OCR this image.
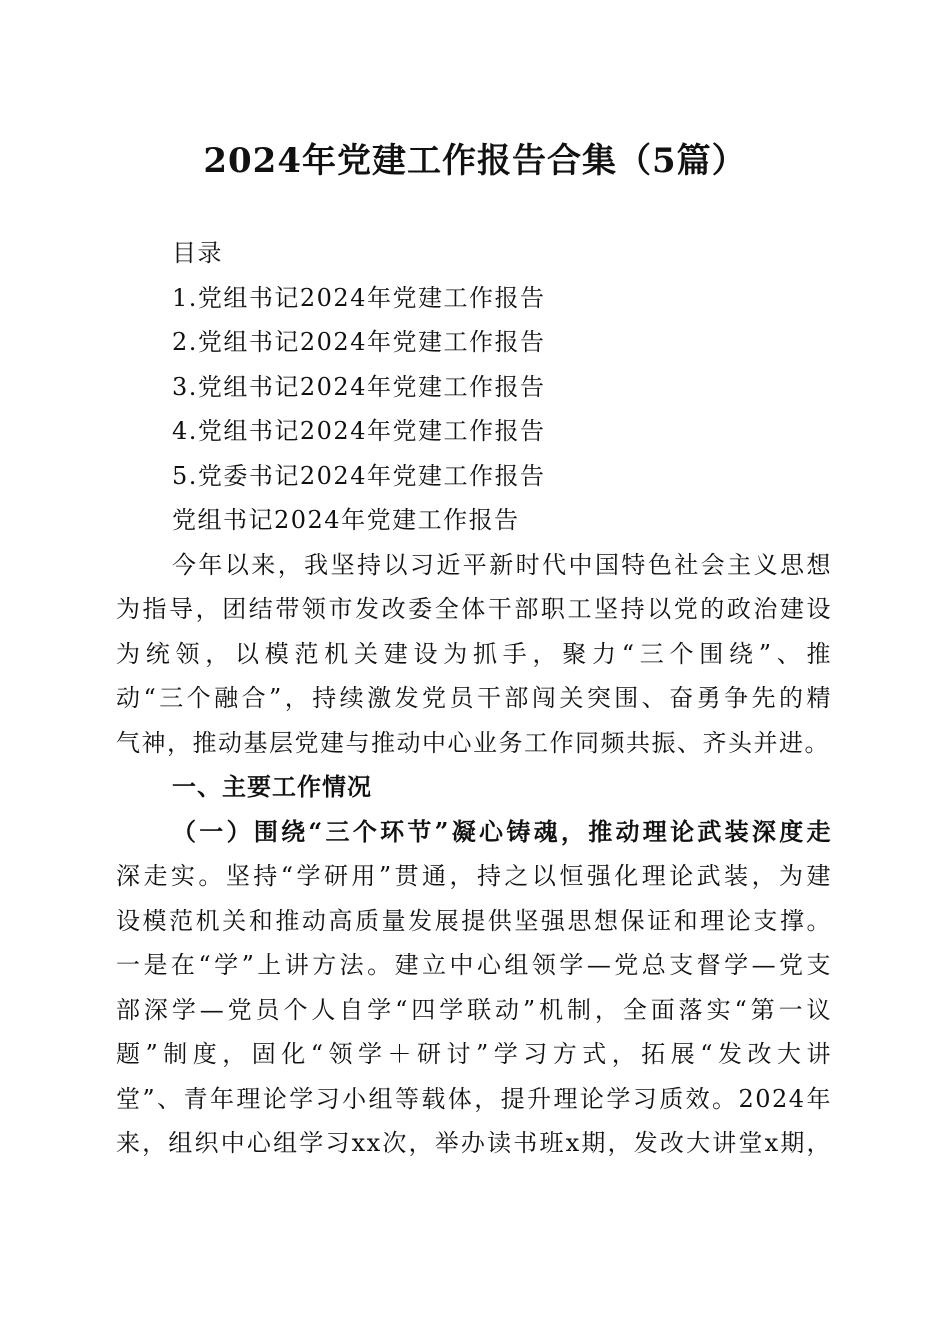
2024年党建工作报告合集（5篇）
目录
1.党组书记2024年党建工作报告
2.党组书记2024年党建工作报告
3.党组书记2024年党建工作报告
4.党组书记2024年党建工作报告
5.党委书记2024年党建工作报告
党组书记2024年党建工作报告
今年以来，我坚持以习近平新时代中国特色社会主义思想
为指导，团结带领市发改委全体干部职工坚持以党的政治建设
为统领，以模范机关建设为抓手，聚力“三个围绕”、推
动“三个融合”，持续激发党员干部闯关突围、奋勇争先的精
气神，推动基层党建与推动中心业务工作同频共振、齐头并进。
一、主要工作情况
（一）围绕“三个环节”凝心铸魂，推动理论武装深度走
深走实。坚持“学研用”贯通，持之以恒强化理论武装，为建
设模范机关和推动高质量发展提供坚强思想保证和理论支撑。
一是在“学”上讲方法。建立中心组领学—党总支督学—党支
部深学—党员个人自学“四学联动”机制，全面落实“第一议
题”制度，固化“领学＋研讨”学习方式，拓展“发改大讲
堂”、青年理论学习小组等载体，提升理论学习质效。2024年
来，组织中心组学习xx次，举办读书班x期，发改大讲堂x期，
